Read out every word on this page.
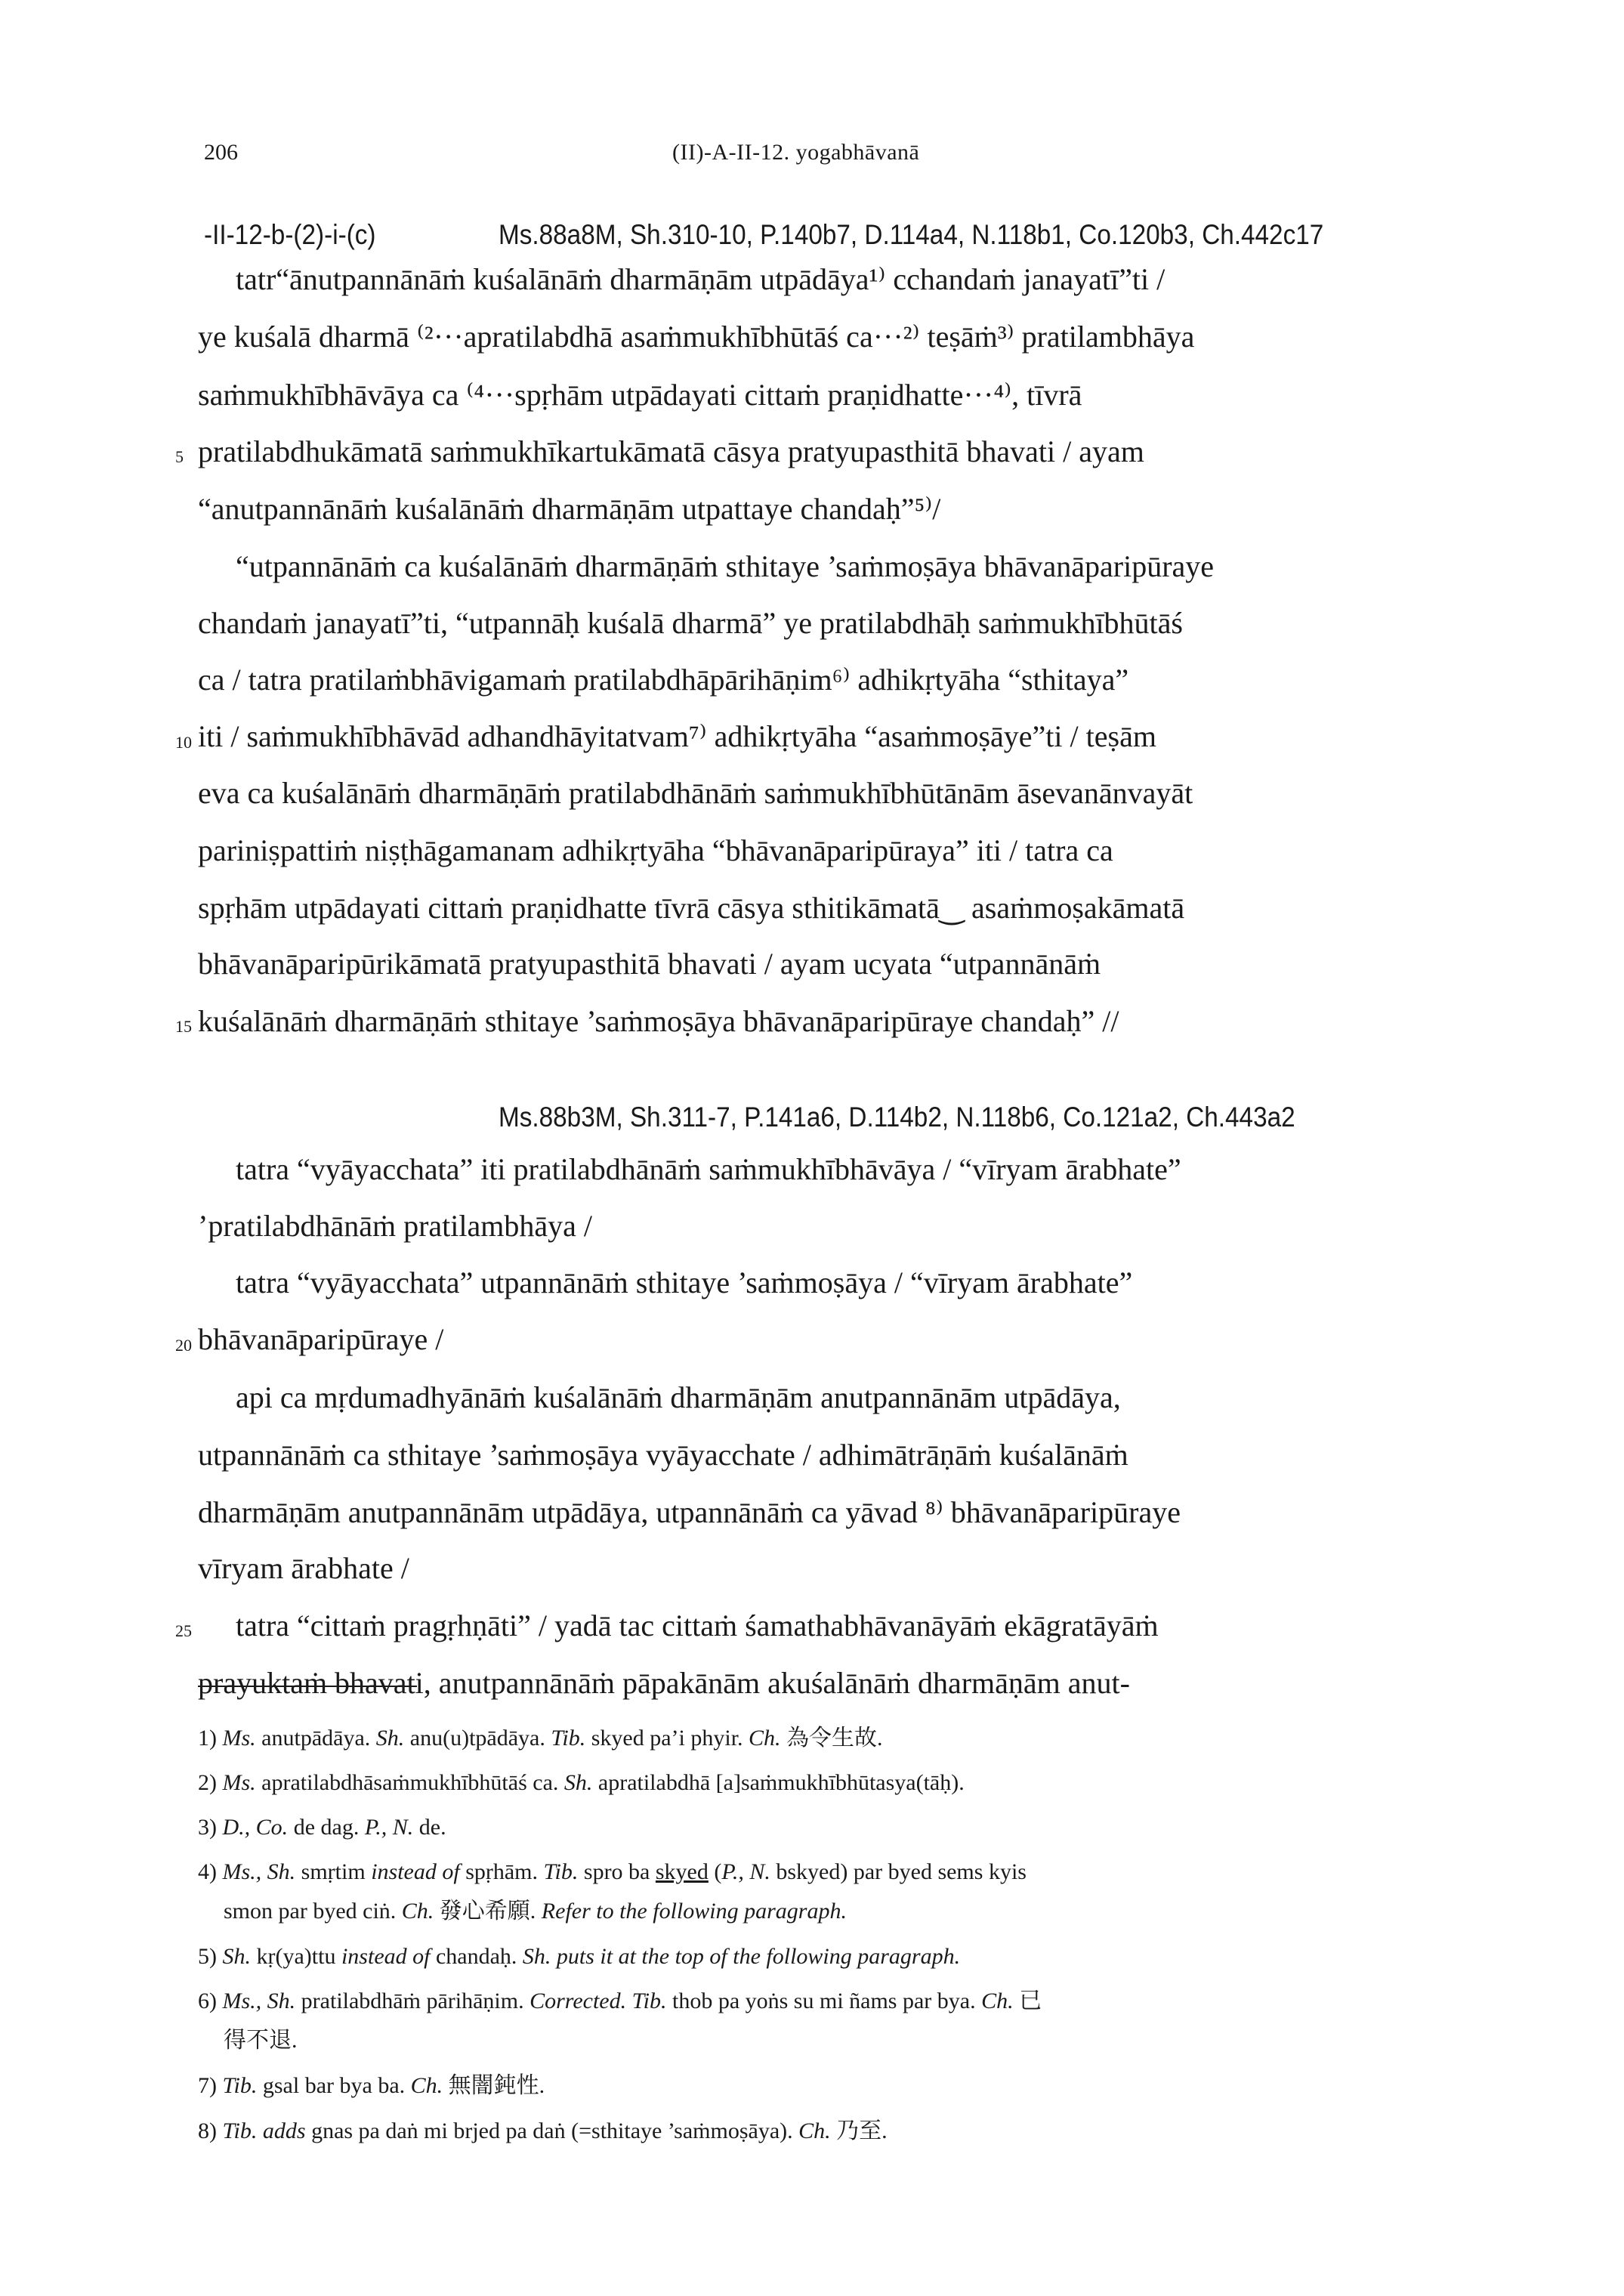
206	(II)-A-II-12. yogabhāvanā
-II-12-b-(2)-i-(c)	Ms.88a8M, Sh.310-10, P.140b7, D.114a4, N.118b1, Co.120b3, Ch.442c17
tatr“ānutpannānāṁ kuśalānāṁ dharmāṇām utpādāya¹⁾ cchandaṁ janayatī”ti /
ye kuśalā dharmā ⁽²···apratilabdhā asaṁmukhībhūtāś ca···²⁾ teṣāṁ³⁾ pratilambhāya
saṁmukhībhāvāya ca ⁽⁴···spṛhām utpādayati cittaṁ praṇidhatte···⁴⁾, tīvrā
pratilabdhukāmatā saṁmukhīkartukāmatā cāsya pratyupasthitā bhavati / ayam
“anutpannānāṁ kuśalānāṁ dharmāṇām utpattaye chandaḥ”⁵⁾/
“utpannānāṁ ca kuśalānāṁ dharmāṇāṁ sthitaye ’saṁmoṣāya bhāvanāparipūraye
chandaṁ janayatī”ti, “utpannāḥ kuśalā dharmā” ye pratilabdhāḥ saṁmukhībhūtāś
ca / tatra pratilaṁbhāvigamaṁ pratilabdhāpārihāṇim⁶⁾ adhikṛtyāha “sthitaya”
iti / saṁmukhībhāvād adhandhāyitatvam⁷⁾ adhikṛtyāha “asaṁmoṣāye”ti / teṣām
eva ca kuśalānāṁ dharmāṇāṁ pratilabdhānāṁ saṁmukhībhūtānām āsevanānvayāt
pariniṣpattiṁ niṣṭhāgamanam adhikṛtyāha “bhāvanāparipūraya” iti / tatra ca
spṛhām utpādayati cittaṁ praṇidhatte tīvrā cāsya sthitikāmatā‿ asaṁmoṣakāmatā
bhāvanāparipūrikāmatā pratyupasthitā bhavati / ayam ucyata “utpannānāṁ
kuśalānāṁ dharmāṇāṁ sthitaye ’saṁmoṣāya bhāvanāparipūraye chandaḥ” //
Ms.88b3M, Sh.311-7, P.141a6, D.114b2, N.118b6, Co.121a2, Ch.443a2
tatra “vyāyacchata” iti pratilabdhānāṁ saṁmukhībhāvāya / “vīryam ārabhate”
’pratilabdhānāṁ pratilambhāya /
tatra “vyāyacchata” utpannānāṁ sthitaye ’saṁmoṣāya / “vīryam ārabhate”
bhāvanāparipūraye /
api ca mṛdumadhyānāṁ kuśalānāṁ dharmāṇām anutpannānām utpādāya,
utpannānāṁ ca sthitaye ’saṁmoṣāya vyāyacchate / adhimātrāṇāṁ kuśalānāṁ
dharmāṇām anutpannānām utpādāya, utpannānāṁ ca yāvad ⁸⁾ bhāvanāparipūraye
vīryam ārabhate /
tatra “cittaṁ pragṛhṇāti” / yadā tac cittaṁ śamathabhāvanāyāṁ ekāgratāyāṁ
prayuktaṁ bhavati, anutpannānāṁ pāpakānām akuśalānāṁ dharmāṇām anut-
5
10
15
20
25
1) Ms. anutpādāya. Sh. anu(u)tpādāya. Tib. skyed pa’i phyir. Ch. 為令生故.
2) Ms. apratilabdhāsaṁmukhībhūtāś ca. Sh. apratilabdhā [a]saṁmukhībhūtasya(tāḥ).
3) D., Co. de dag. P., N. de.
4) Ms., Sh. smṛtim instead of spṛhām. Tib. spro ba skyed (P., N. bskyed) par byed sems kyis
smon par byed ciṅ. Ch. 發心希願. Refer to the following paragraph.
5) Sh. kṛ(ya)ttu instead of chandaḥ. Sh. puts it at the top of the following paragraph.
6) Ms., Sh. pratilabdhāṁ pārihāṇim. Corrected. Tib. thob pa yoṅs su mi ñams par bya. Ch. 已
得不退.
7) Tib. gsal bar bya ba. Ch. 無闇鈍性.
8) Tib. adds gnas pa daṅ mi brjed pa daṅ (=sthitaye ’saṁmoṣāya). Ch. 乃至.
